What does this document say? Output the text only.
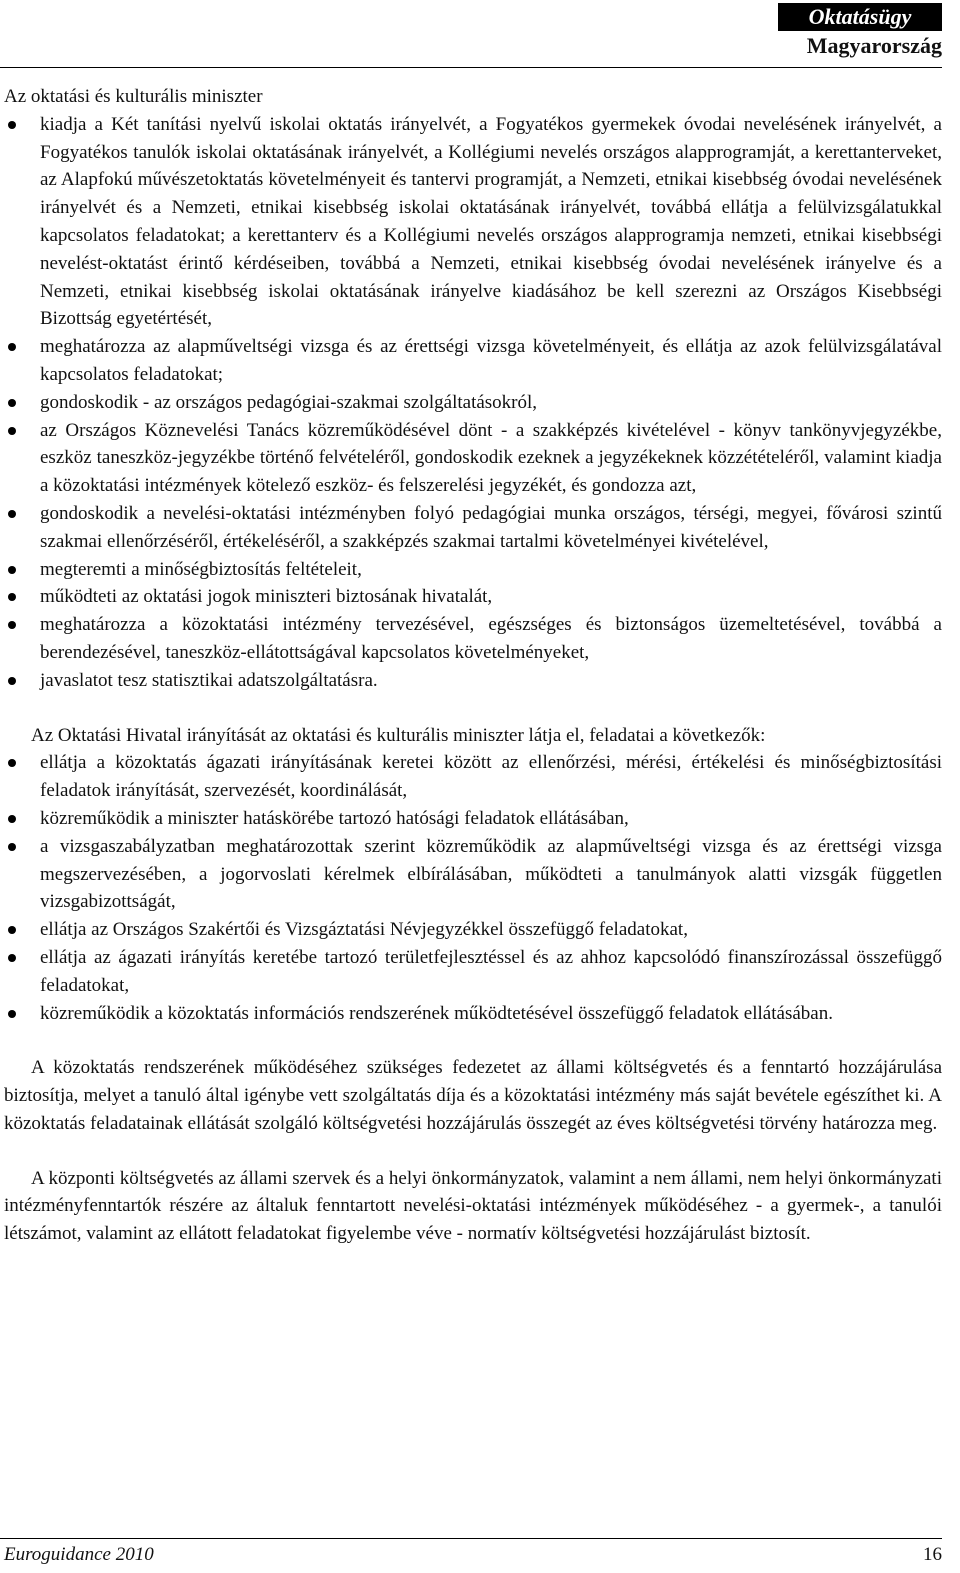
Oktatásügy
Magyarország

Az oktatási és kulturális miniszter

kiadja a Két tanítási nyelvű iskolai oktatás irányelvét, a Fogyatékos gyermekek óvodai nevelésének irányelvét, a Fogyatékos tanulók iskolai oktatásának irányelvét, a Kollégiumi nevelés országos alapprogramját, a kerettanterveket, az Alapfokú művészetoktatás követelményeit és tantervi programját, a Nemzeti, etnikai kisebbség óvodai nevelésének irányelvét és a Nemzeti, etnikai kisebbség iskolai oktatásának irányelvét, továbbá ellátja a felülvizsgálatukkal kapcsolatos feladatokat; a kerettanterv és a Kollégiumi nevelés országos alapprogramja nemzeti, etnikai kisebbségi nevelést-oktatást érintő kérdéseiben, továbbá a Nemzeti, etnikai kisebbség óvodai nevelésének irányelve és a Nemzeti, etnikai kisebbség iskolai oktatásának irányelve kiadásához be kell szerezni az Országos Kisebbségi Bizottság egyetértését,
meghatározza az alapműveltségi vizsga és az érettségi vizsga követelményeit, és ellátja az azok felülvizsgálatával kapcsolatos feladatokat;
gondoskodik - az országos pedagógiai-szakmai szolgáltatásokról,
az Országos Köznevelési Tanács közreműködésével dönt - a szakképzés kivételével - könyv tankönyvjegyzékbe, eszköz taneszköz-jegyzékbe történő felvételéről, gondoskodik ezeknek a jegyzékeknek közzétételéről, valamint kiadja a közoktatási intézmények kötelező eszköz- és felszerelési jegyzékét, és gondozza azt,
gondoskodik a nevelési-oktatási intézményben folyó pedagógiai munka országos, térségi, megyei, fővárosi szintű szakmai ellenőrzéséről, értékeléséről, a szakképzés szakmai tartalmi követelményei kivételével,
megteremti a minőségbiztosítás feltételeit,
működteti az oktatási jogok miniszteri biztosának hivatalát,
meghatározza a közoktatási intézmény tervezésével, egészséges és biztonságos üzemeltetésével, továbbá a berendezésével, taneszköz-ellátottságával kapcsolatos követelményeket,
javaslatot tesz statisztikai adatszolgáltatásra.

Az Oktatási Hivatal irányítását az oktatási és kulturális miniszter látja el, feladatai a következők:

ellátja a közoktatás ágazati irányításának keretei között az ellenőrzési, mérési, értékelési és minőségbiztosítási feladatok irányítását, szervezését, koordinálását,
közreműködik a miniszter hatáskörébe tartozó hatósági feladatok ellátásában,
a vizsgaszabályzatban meghatározottak szerint közreműködik az alapműveltségi vizsga és az érettségi vizsga megszervezésében, a jogorvoslati kérelmek elbírálásában, működteti a tanulmányok alatti vizsgák független vizsgabizottságát,
ellátja az Országos Szakértői és Vizsgáztatási Névjegyzékkel összefüggő feladatokat,
ellátja az ágazati irányítás keretébe tartozó területfejlesztéssel és az ahhoz kapcsolódó finanszírozással összefüggő feladatokat,
közreműködik a közoktatás információs rendszerének működtetésével összefüggő feladatok ellátásában.

A közoktatás rendszerének működéséhez szükséges fedezetet az állami költségvetés és a fenntartó hozzájárulása biztosítja, melyet a tanuló által igénybe vett szolgáltatás díja és a közoktatási intézmény más saját bevétele egészíthet ki. A közoktatás feladatainak ellátását szolgáló költségvetési hozzájárulás összegét az éves költségvetési törvény határozza meg.

A központi költségvetés az állami szervek és a helyi önkormányzatok, valamint a nem állami, nem helyi önkormányzati intézményfenntartók részére az általuk fenntartott nevelési-oktatási intézmények működéséhez - a gyermek-, a tanulói létszámot, valamint az ellátott feladatokat figyelembe véve - normatív költségvetési hozzájárulást biztosít.

Euroguidance 2010	16
